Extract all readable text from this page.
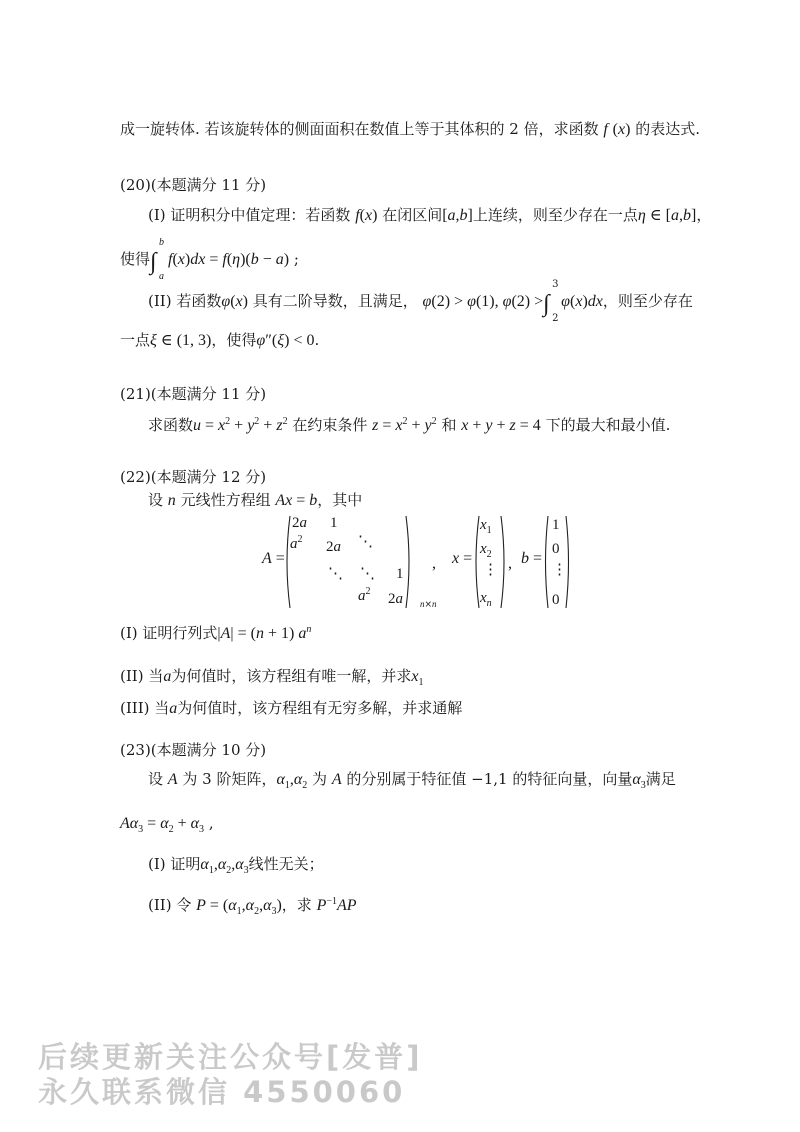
成一旋转体. 若该旋转体的侧面面积在数值上等于其体积的 2 倍，求函数 f (x) 的表达式.
(20)(本题满分 11 分)
(I) 证明积分中值定理：若函数 f(x) 在闭区间[a,b]上连续，则至少存在一点η ∈ [a,b]，
使得∫
b
a
f(x)dx = f(η)(b − a) ;
(II) 若函数φ(x) 具有二阶导数，且满足， φ(2) > φ(1), φ(2) >∫
3
2
φ(x)dx，则至少存在
一点ξ ∈ (1, 3)，使得φ″(ξ) < 0.
(21)(本题满分 11 分)
求函数$u = x^2 + y^2 + z^2$ 在约束条件 $z = x^2 + y^2$ 和 x + y + z = 4 下的最大和最小值.
(22)(本题满分 12 分)
设 n 元线性方程组 Ax = b，其中
A =
2a 1
$a^2$ 2a ⋱
⋱ ⋱ 1
$a^2$ 2a n×n
, x =
$x_1$
$x_2$
⋮
$x_n$
, b =
1
0
⋮
0
(I) 证明行列式|A| = (n + 1) $a^n$
(II) 当a为何值时，该方程组有唯一解，并求$x_1$
(III) 当a为何值时，该方程组有无穷多解，并求通解
(23)(本题满分 10 分)
设 A 为 3 阶矩阵，$\alpha_1,\alpha_2$ 为 A 的分别属于特征值 −1,1 的特征向量，向量$\alpha_3$满足
$A\alpha_3 = \alpha_2 + \alpha_3$ ,
(I) 证明$\alpha_1,\alpha_2,\alpha_3$线性无关；
(II) 令 $P = (\alpha_1,\alpha_2,\alpha_3)$，求 $P^{-1}AP$
后续更新关注公众号[发普]
永久联系微信 4550060
